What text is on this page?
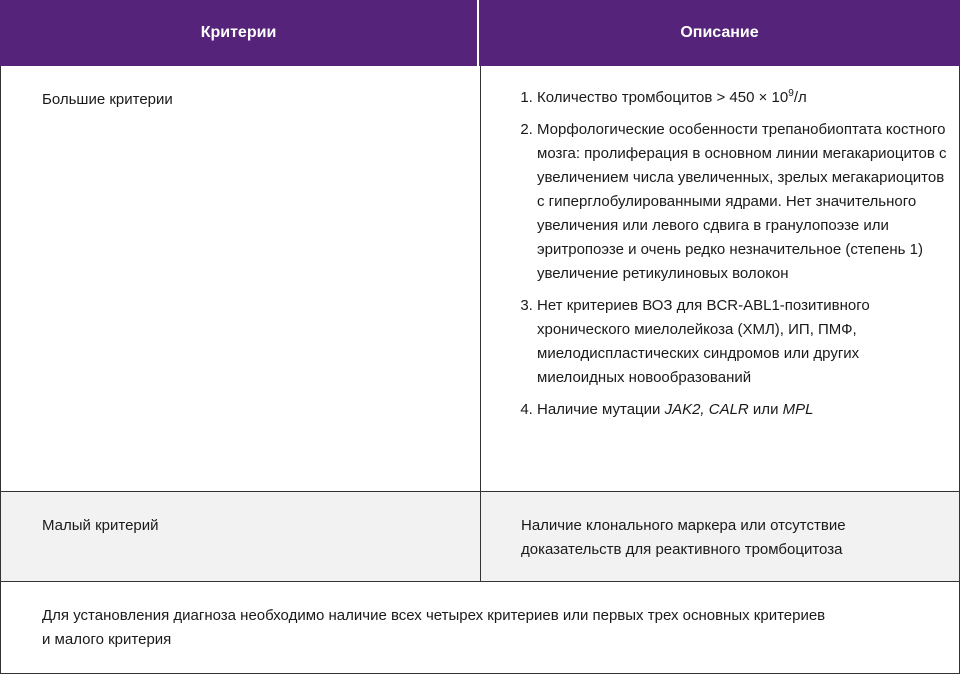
Критерии	Описание
Большие критерии
1.	Количество тромбоцитов > $450 \times 10^9/л$
2. Морфологические особенности трепанобиоптата костного мозга: пролиферация в основном линии мегакариоцитов с увеличением числа увеличенных, зрелых мегакариоцитов с гиперглобулированными ядрами. Нет значительного увеличения или левого сдвига в гранулопоэзе или эритропоэзе и очень редко незначительное (степень 1) увеличение ретикулиновых волокон
3. Нет критериев ВОЗ для BCR-ABL1-позитивного хронического миелолейкоза (ХМЛ), ИП, ПМФ, миелодиспластических синдромов или других миелоидных новообразований
4. Наличие мутации JAK2, CALR или MPL
Малый критерий	Наличие клонального маркера или отсутствие доказательств для реактивного тромбоцитоза
Для установления диагноза необходимо наличие всех четырех критериев или первых трех основных критериев
и малого критерия
